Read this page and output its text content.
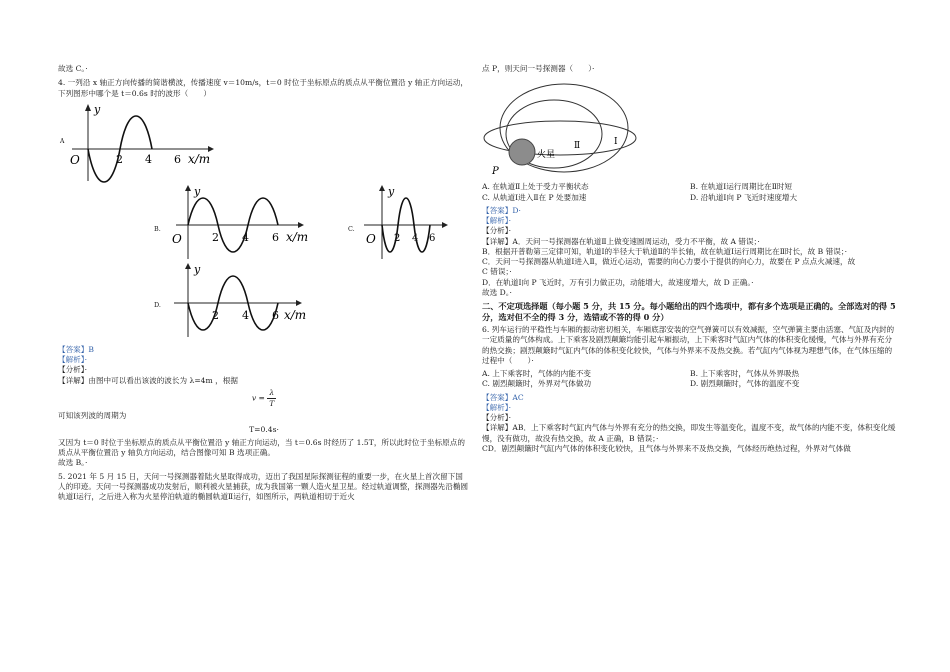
故选 C。·

4. 一列沿 x 轴正方向传播的简谐横波，传播速度 v＝10m/s，t＝0 时位于坐标原点的质点从平衡位置沿 y 轴正方向运动，下列图形中哪个是 t＝0.6s 时的波形（　　）

A
y
O	2 4 6 x/m
B.
y
O	2 4 6 x/m
C.
y
O 2 4 6
D.
y
2 4 6 x/m

【答案】B

【解析】·

【分析】·

【详解】由图中可以看出该波的波长为 λ=4m ，根据

$v = \frac{\lambda}{T}$

可知该列波的周期为

T=0.4s·

又因为 t＝0 时位于坐标原点的质点从平衡位置沿 y 轴正方向运动，当 t＝0.6s 时经历了 1.5T，所以此时位于坐标原点的质点从平衡位置沿 y 轴负方向运动，结合图像可知 B 选项正确。

故选 B。·

5. 2021 年 5 月 15 日，天问一号探测器着陆火星取得成功，迈出了我国星际探测征程的重要一步，在火星上首次留下国人的印迹。天问一号探测器成功发射后，顺利被火星捕获，成为我国第一颗人造火星卫星。经过轨道调整，探测器先沿椭圆轨道Ⅰ运行，之后进入称为火星停泊轨道的椭圆轨道Ⅱ运行，如图所示，两轨道相切于近火

点 P，则天问一号探测器（　　）·

火星
Ⅱ	Ⅰ
P
A. 在轨道Ⅱ上处于受力平衡状态	B. 在轨道Ⅰ运行周期比在Ⅱ时短
C. 从轨道Ⅰ进入Ⅱ在 P 处要加速	D. 沿轨道Ⅰ向 P 飞近时速度增大

【答案】D·

【解析】·

【分析】·

【详解】A．天问一号探测器在轨道Ⅱ上做变速圆周运动，受力不平衡，故 A 错误；·

B．根据开普勒第三定律可知，轨道Ⅰ的半径大于轨道Ⅱ的半长轴，故在轨道Ⅰ运行周期比在Ⅱ时长，故 B 错误；·

C．天问一号探测器从轨道Ⅰ进入Ⅱ，做近心运动，需要的向心力要小于提供的向心力，故要在 P 点点火减速，故

C 错误；·

D．在轨道Ⅰ向 P 飞近时，万有引力做正功，动能增大，故速度增大，故 D 正确。·

故选 D。·

二、不定项选择题（每小题 5 分，共 15 分。每小题给出的四个选项中，都有多个选项是正确的。全部选对的得 5 分，选对但不全的得 3 分，选错或不答的得 0 分）

6. 列车运行的平稳性与车厢的振动密切相关，车厢底部安装的空气弹簧可以有效减振，空气弹簧主要由活塞、气缸及内封的一定质量的气体构成。上下乘客及剧烈颠簸均能引起车厢振动，上下乘客时气缸内气体的体积变化缓慢，气体与外界有充分的热交换；剧烈颠簸时气缸内气体的体积变化较快，气体与外界来不及热交换。若气缸内气体视为理想气体，在气体压缩的过程中（　　）·

A. 上下乘客时，气体的内能不变	B. 上下乘客时，气体从外界吸热
C. 剧烈颠簸时，外界对气体做功	D. 剧烈颠簸时，气体的温度不变

【答案】AC

【解析】·

【分析】·

【详解】AB．上下乘客时气缸内气体与外界有充分的热交换，即发生等温变化，温度不变，故气体的内能不变，体积变化缓慢，没有做功，故没有热交换，故 A 正确，B 错误；·

CD．剧烈颠簸时气缸内气体的体积变化较快，且气体与外界来不及热交换，气体经历绝热过程，外界对气体做
